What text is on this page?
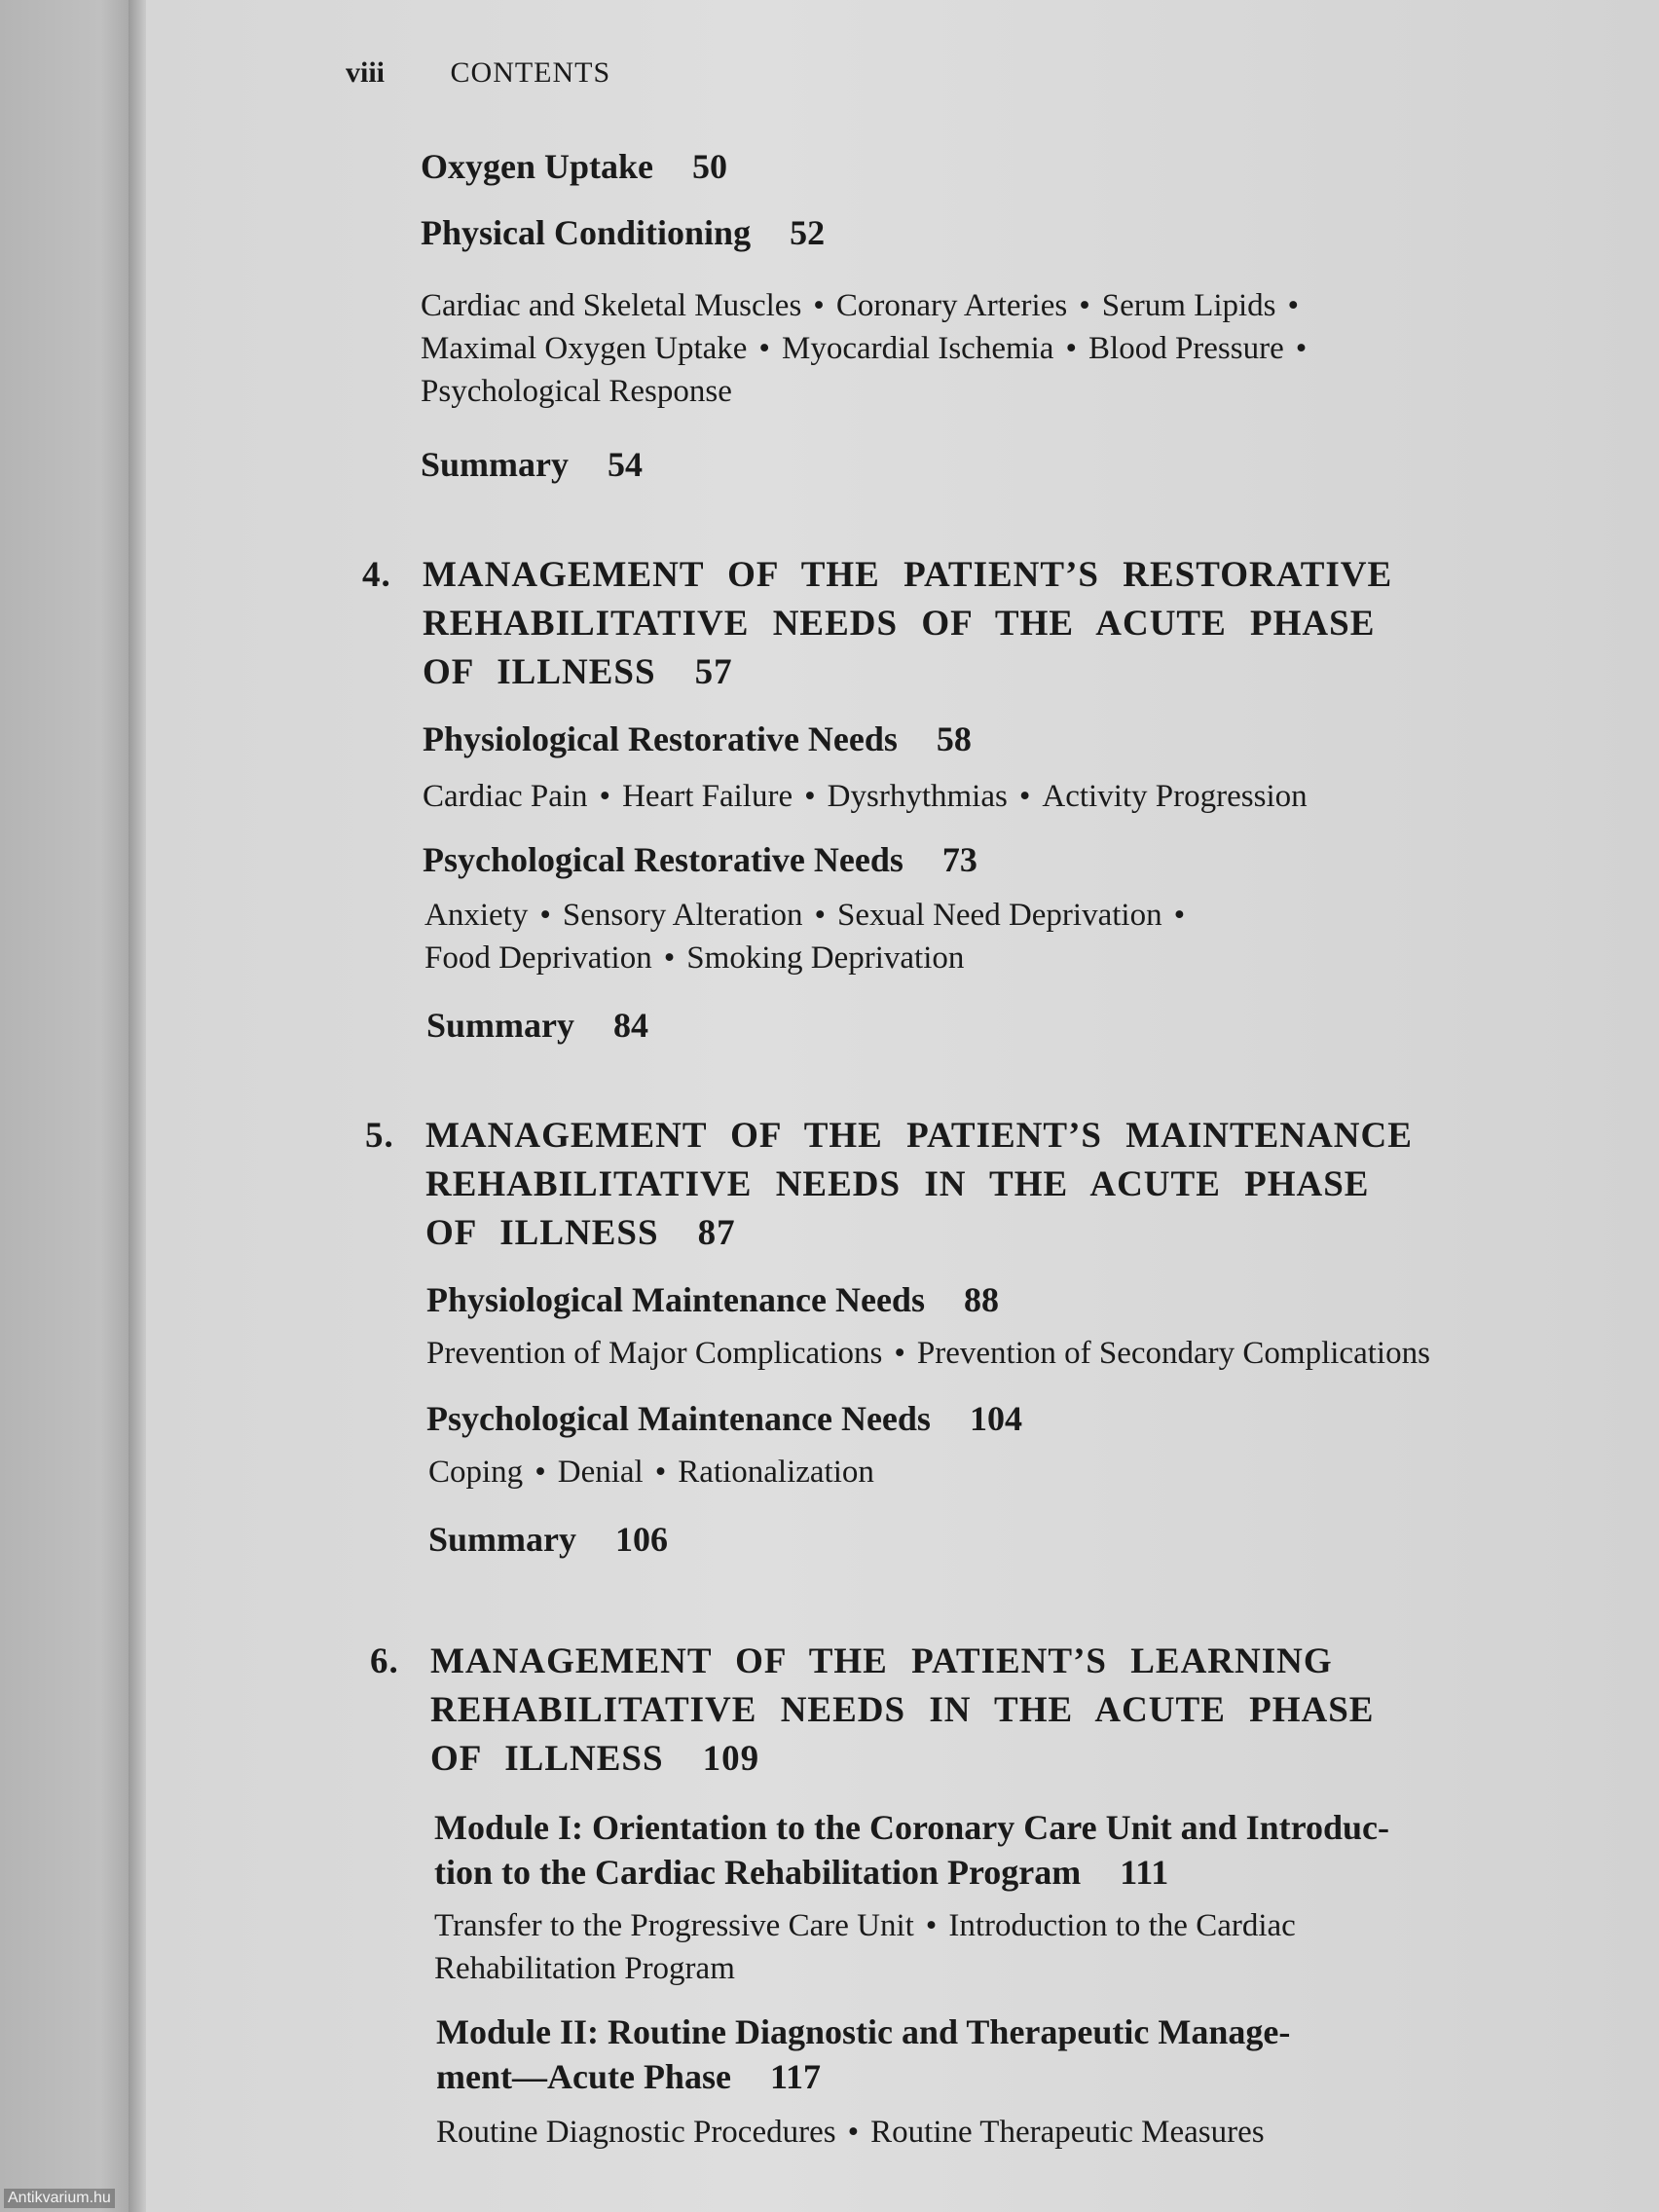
viii CONTENTS
Oxygen Uptake 50
Physical Conditioning 52
Cardiac and Skeletal Muscles • Coronary Arteries • Serum Lipids •
Maximal Oxygen Uptake • Myocardial Ischemia • Blood Pressure •
Psychological Response
Summary 54
4. MANAGEMENT OF THE PATIENT’S RESTORATIVE
REHABILITATIVE NEEDS OF THE ACUTE PHASE
OF ILLNESS 57
Physiological Restorative Needs 58
Cardiac Pain • Heart Failure • Dysrhythmias • Activity Progression
Psychological Restorative Needs 73
Anxiety • Sensory Alteration • Sexual Need Deprivation •
Food Deprivation • Smoking Deprivation
Summary 84
5. MANAGEMENT OF THE PATIENT’S MAINTENANCE
REHABILITATIVE NEEDS IN THE ACUTE PHASE
OF ILLNESS 87
Physiological Maintenance Needs 88
Prevention of Major Complications • Prevention of Secondary Complications
Psychological Maintenance Needs 104
Coping • Denial • Rationalization
Summary 106
6. MANAGEMENT OF THE PATIENT’S LEARNING
REHABILITATIVE NEEDS IN THE ACUTE PHASE
OF ILLNESS 109
Module I: Orientation to the Coronary Care Unit and Introduc-
tion to the Cardiac Rehabilitation Program 111
Transfer to the Progressive Care Unit • Introduction to the Cardiac
Rehabilitation Program
Module II: Routine Diagnostic and Therapeutic Manage-
ment—Acute Phase 117
Routine Diagnostic Procedures • Routine Therapeutic Measures
Antikvarium.hu
